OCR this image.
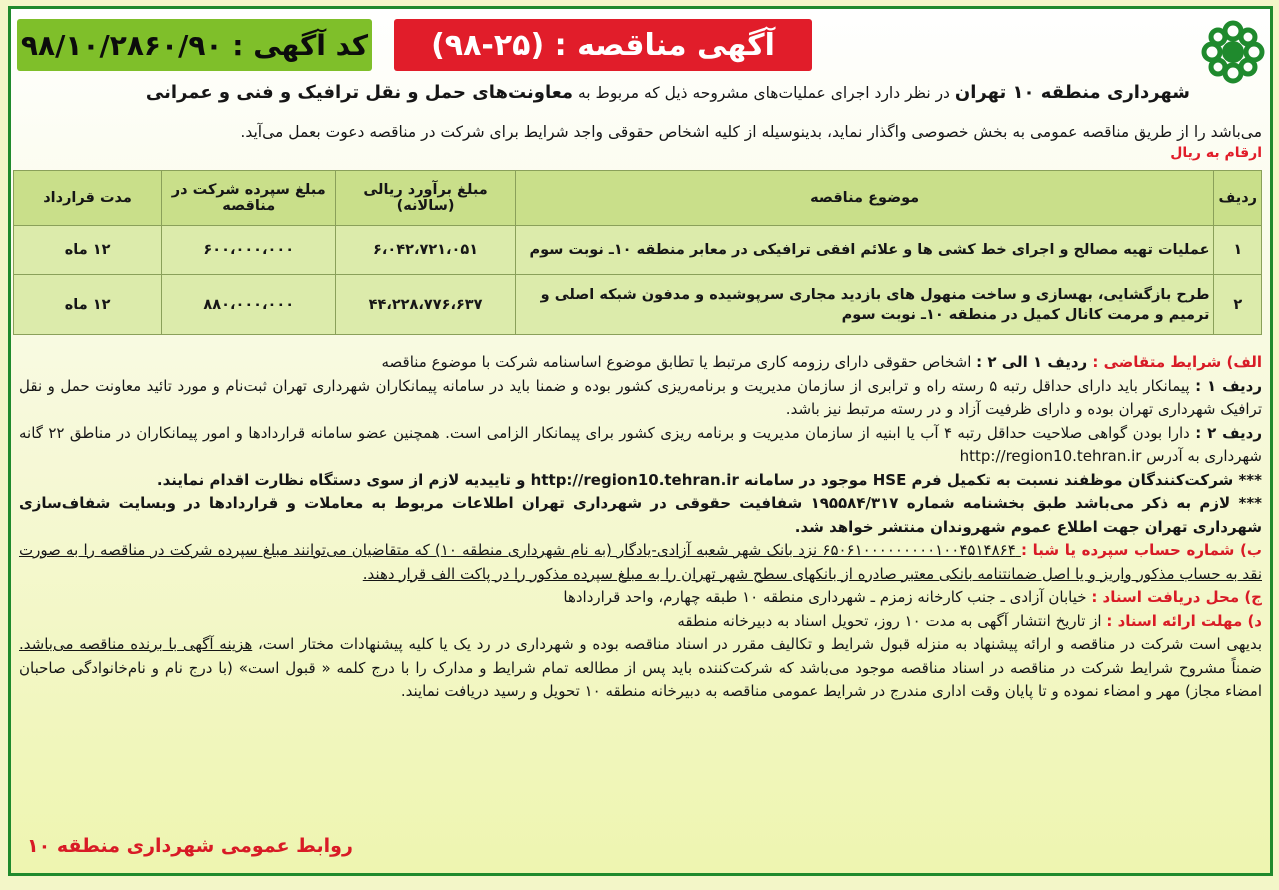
آگهی مناقصه : (۲۵-۹۸)
کد آگهی : ۹۸/۱۰/۲۸۶۰/۹۰
شهرداری منطقه ۱۰ تهران در نظر دارد اجرای عملیات‌های مشروحه ذیل که مربوط به معاونت‌های حمل و نقل ترافیک و فنی و عمرانی
می‌باشد را از طریق مناقصه عمومی به بخش خصوصی واگذار نماید، بدینوسیله از کلیه اشخاص حقوقی واجد شرایط برای شرکت در مناقصه دعوت بعمل می‌آید.
ارقام به ریال
ردیف	موضوع مناقصه	مبلغ برآورد ریالی (سالانه)	مبلغ سپرده شرکت در مناقصه	مدت قرارداد
۱	عملیات تهیه مصالح و اجرای خط کشی ها و علائم افقی ترافیکی در معابر منطقه ۱۰ـ نوبت سوم	۶،۰۴۲،۷۲۱،۰۵۱	۶۰۰،۰۰۰،۰۰۰	۱۲ ماه
۲	طرح بازگشایی، بهسازی و ساخت منهول های بازدید مجاری سرپوشیده و مدفون شبکه اصلی و ترمیم و مرمت کانال کمیل در منطقه ۱۰ـ نوبت سوم	۴۴،۲۲۸،۷۷۶،۶۳۷	۸۸۰،۰۰۰،۰۰۰	۱۲ ماه

الف) شرایط متقاضی : ردیف ۱ الی ۲ : اشخاص حقوقی دارای رزومه کاری مرتبط یا تطابق موضوع اساسنامه شرکت با موضوع مناقصه

ردیف ۱ : پیمانکار باید دارای حداقل رتبه ۵ رسته راه و ترابری از سازمان مدیریت و برنامه‌ریزی کشور بوده و ضمنا باید در سامانه پیمانکاران شهرداری تهران ثبت‌نام و مورد تائید معاونت حمل و نقل ترافیک شهرداری تهران بوده و دارای ظرفیت آزاد و در رسته مرتبط نیز باشد.

ردیف ۲ : دارا بودن گواهی صلاحیت حداقل رتبه ۴ آب یا ابنیه از سازمان مدیریت و برنامه ریزی کشور برای پیمانکار الزامی است. همچنین عضو سامانه قراردادها و امور پیمانکاران در مناطق ۲۲ گانه شهرداری به آدرس http://region10.tehran.ir

*** شرکت‌کنندگان موظفند نسبت به تکمیل فرم HSE موجود در سامانه http://region10.tehran.ir و تاییدیه لازم از سوی دستگاه نظارت اقدام نمایند.

*** لازم به ذکر می‌باشد طبق بخشنامه شماره ۱۹۵۵۸۴/۳۱۷ شفافیت حقوقی در شهرداری تهران اطلاعات مربوط به معاملات و قراردادها در وبسایت شفاف‌سازی شهرداری تهران جهت اطلاع عموم شهروندان منتشر خواهد شد.

ب) شماره حساب سپرده یا شبا : ۶۵۰۶۱۰۰۰۰۰۰۰۰۰۱۰۰۴۵۱۴۸۶۴ نزد بانک شهر شعبه آزادی-یادگار (به نام شهرداری منطقه ۱۰) که متقاضیان می‌توانند مبلغ سپرده شرکت در مناقصه را به صورت نقد به حساب مذکور واریز و یا اصل ضمانتنامه بانکی معتبر صادره از بانکهای سطح شهر تهران را به مبلغ سپرده مذکور را در پاکت الف قرار دهند.

ج) محل دریافت اسناد : خیابان آزادی ـ جنب کارخانه زمزم ـ شهرداری منطقه ۱۰ طبقه چهارم، واحد قراردادها

د) مهلت ارائه اسناد : از تاریخ انتشار آگهی به مدت ۱۰ روز، تحویل اسناد به دبیرخانه منطقه

بدیهی است شرکت در مناقصه و ارائه پیشنهاد به منزله قبول شرایط و تکالیف مقرر در اسناد مناقصه بوده و شهرداری در رد یک یا کلیه پیشنهادات مختار است، هزینه آگهی با برنده مناقصه می‌باشد. ضمناً مشروح شرایط شرکت در مناقصه در اسناد مناقصه موجود می‌باشد که شرکت‌کننده باید پس از مطالعه تمام شرایط و مدارک را با درج کلمه « قبول است» (با درج نام و نام‌خانوادگی صاحبان امضاء مجاز) مهر و امضاء نموده و تا پایان وقت اداری مندرج در شرایط عمومی مناقصه به دبیرخانه منطقه ۱۰ تحویل و رسید دریافت نمایند.

روابط عمومی شهرداری منطقه ۱۰
